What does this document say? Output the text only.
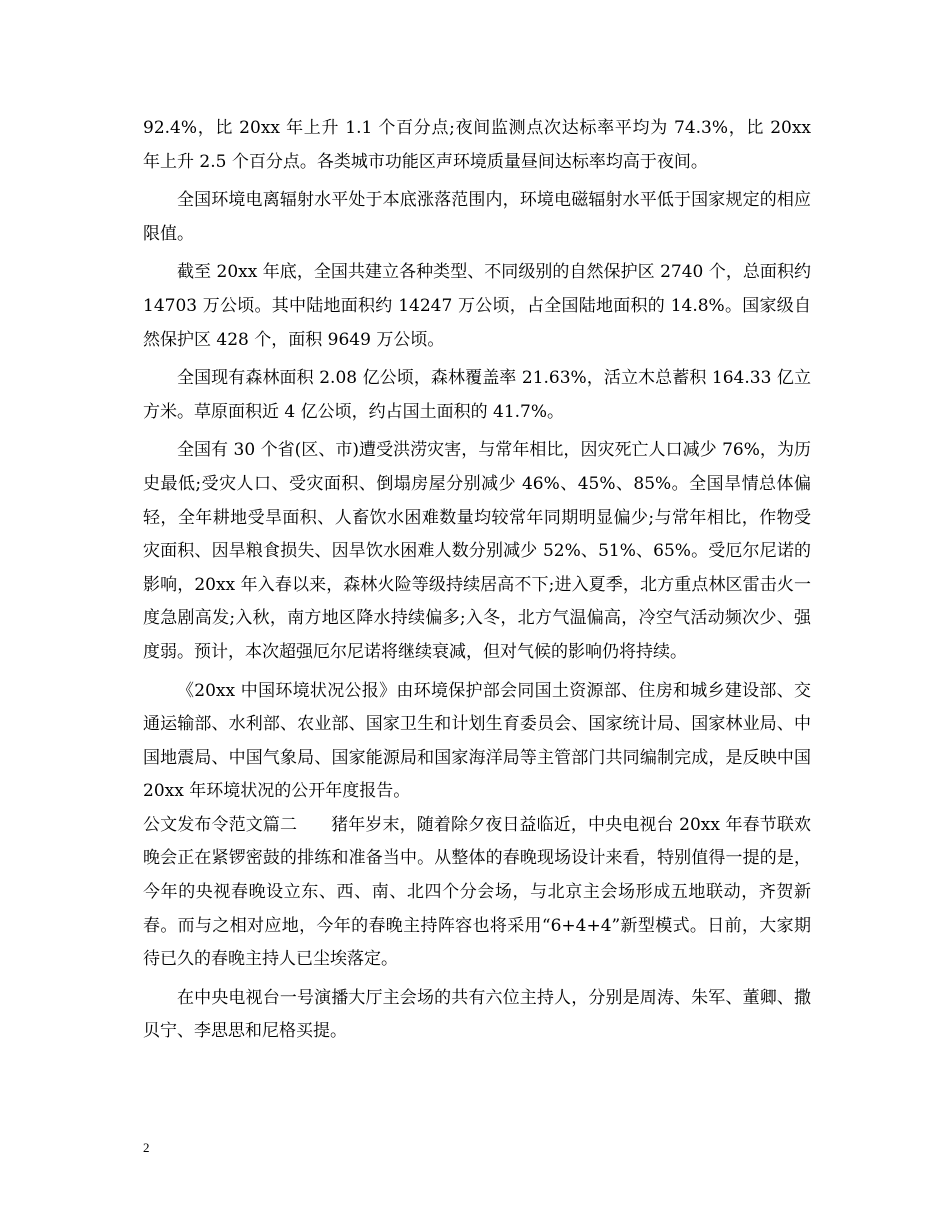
92.4%，比 20xx 年上升 1.1 个百分点;夜间监测点次达标率平均为 74.3%，比 20xx 年上升 2.5 个百分点。各类城市功能区声环境质量昼间达标率均高于夜间。

全国环境电离辐射水平处于本底涨落范围内，环境电磁辐射水平低于国家规定的相应限值。

截至 20xx 年底，全国共建立各种类型、不同级别的自然保护区 2740 个，总面积约 14703 万公顷。其中陆地面积约 14247 万公顷，占全国陆地面积的 14.8%。国家级自然保护区 428 个，面积 9649 万公顷。

全国现有森林面积 2.08 亿公顷，森林覆盖率 21.63%，活立木总蓄积 164.33 亿立方米。草原面积近 4 亿公顷，约占国土面积的 41.7%。

全国有 30 个省(区、市)遭受洪涝灾害，与常年相比，因灾死亡人口减少 76%，为历史最低;受灾人口、受灾面积、倒塌房屋分别减少 46%、45%、85%。全国旱情总体偏轻，全年耕地受旱面积、人畜饮水困难数量均较常年同期明显偏少;与常年相比，作物受灾面积、因旱粮食损失、因旱饮水困难人数分别减少 52%、51%、65%。受厄尔尼诺的影响，20xx 年入春以来，森林火险等级持续居高不下;进入夏季，北方重点林区雷击火一度急剧高发;入秋，南方地区降水持续偏多;入冬，北方气温偏高，冷空气活动频次少、强度弱。预计，本次超强厄尔尼诺将继续衰减，但对气候的影响仍将持续。

《20xx 中国环境状况公报》由环境保护部会同国土资源部、住房和城乡建设部、交通运输部、水利部、农业部、国家卫生和计划生育委员会、国家统计局、国家林业局、中国地震局、中国气象局、国家能源局和国家海洋局等主管部门共同编制完成，是反映中国 20xx 年环境状况的公开年度报告。

公文发布令范文篇二 猪年岁末，随着除夕夜日益临近，中央电视台 20xx 年春节联欢晚会正在紧锣密鼓的排练和准备当中。从整体的春晚现场设计来看，特别值得一提的是，今年的央视春晚设立东、西、南、北四个分会场，与北京主会场形成五地联动，齐贺新春。而与之相对应地，今年的春晚主持阵容也将采用“6+4+4”新型模式。日前，大家期待已久的春晚主持人已尘埃落定。

在中央电视台一号演播大厅主会场的共有六位主持人，分别是周涛、朱军、董卿、撒贝宁、李思思和尼格买提。

2
